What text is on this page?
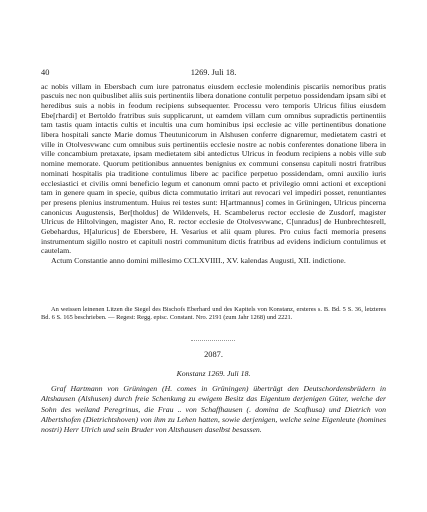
40	1269. Juli 18.

ac nobis villam in Ebersbach cum iure patronatus eiusdem ecclesie molendinis piscariis nemoribus pratis pascuis nec non quibuslibet aliis suis pertinentiis libera donatione contulit perpetuo possidendam ipsam sibi et heredibus suis a nobis in feodum recipiens subsequenter. Processu vero temporis Ulricus filius eiusdem Ebe[rhardi] et Bertoldo fratribus suis supplicarunt, ut eamdem villam cum omnibus supradictis pertinentiis tam tastis quam intactis cultis et incultis una cum hominibus ipsi ecclesie ac ville pertinentibus donatione libera hospitali sancte Marie domus Theutunicorum in Alshusen conferre dignaremur, medietatem castri et ville in Otolvesvwanc cum omnibus suis pertinentiis ecclesie nostre ac nobis conferentes donatione libera in ville concambium pretaxate, ipsam medietatem sibi antedictus Ulricus in feodum recipiens a nobis ville sub nomine memorate. Quorum petitionibus annuentes benignius ex communi consensu capituli nostri fratribus nominati hospitalis pia traditione contulimus libere ac pacifice perpetuo possidendam, omni auxilio iuris ecclesiastici et civilis omni beneficio legum et canonum omni pacto et privilegio omni actioni et exceptioni tam in genere quam in specie, quibus dicta commutatio irritari aut revocari vel impediri posset, renuntiantes per presens plenius instrumentum. Huius rei testes sunt: H[artmannus] comes in Grüningen, Ulricus pincerna canonicus Augustensis, Ber[tholdus] de Wildenvels, H. Scambelerus rector ecclesie de Zusdorf, magister Ulricus de Hiltolvingen, magister Ano, R. rector ecclesie de Otolvesvwanc, C[unradus] de Hunbrechtesrell, Gebehardus, H[aluricus] de Ebersbere, H. Vesarius et alii quam plures. Pro cuius facti memoria presens instrumentum sigillo nostro et capituli nostri communitum dictis fratribus ad evidens indicium contulimus et cautelam.

Actum Constantie anno domini millesimo CCLXVIIII., XV. kalendas Augusti, XII. indictione.

An weissen leinenen Litzen die Siegel des Bischofs Eberhard und des Kapitels von Konstanz, ersteres s. B. Bd. 5 S. 36, letzteres Bd. 6 S. 165 beschrieben. — Regest: Regg. episc. Constant. Nro. 2191 (zum Jahr 1268) und 2221.

2087.
Konstanz 1269. Juli 18.

Graf Hartmann von Grüningen (H. comes in Grüningen) überträgt den Deutschordensbrüdern in Altshausen (Alshusen) durch freie Schenkung zu ewigem Besitz das Eigentum derjenigen Güter, welche der Sohn des weiland Peregrinus, die Frau .. von Schaffhausen (. domina de Scafhusa) und Dietrich von Albertshofen (Dietrichtshoven) von ihm zu Lehen hatten, sowie derjenigen, welche seine Eigenleute (homines nostri) Herr Ulrich und sein Bruder von Altshausen daselbst besassen.
